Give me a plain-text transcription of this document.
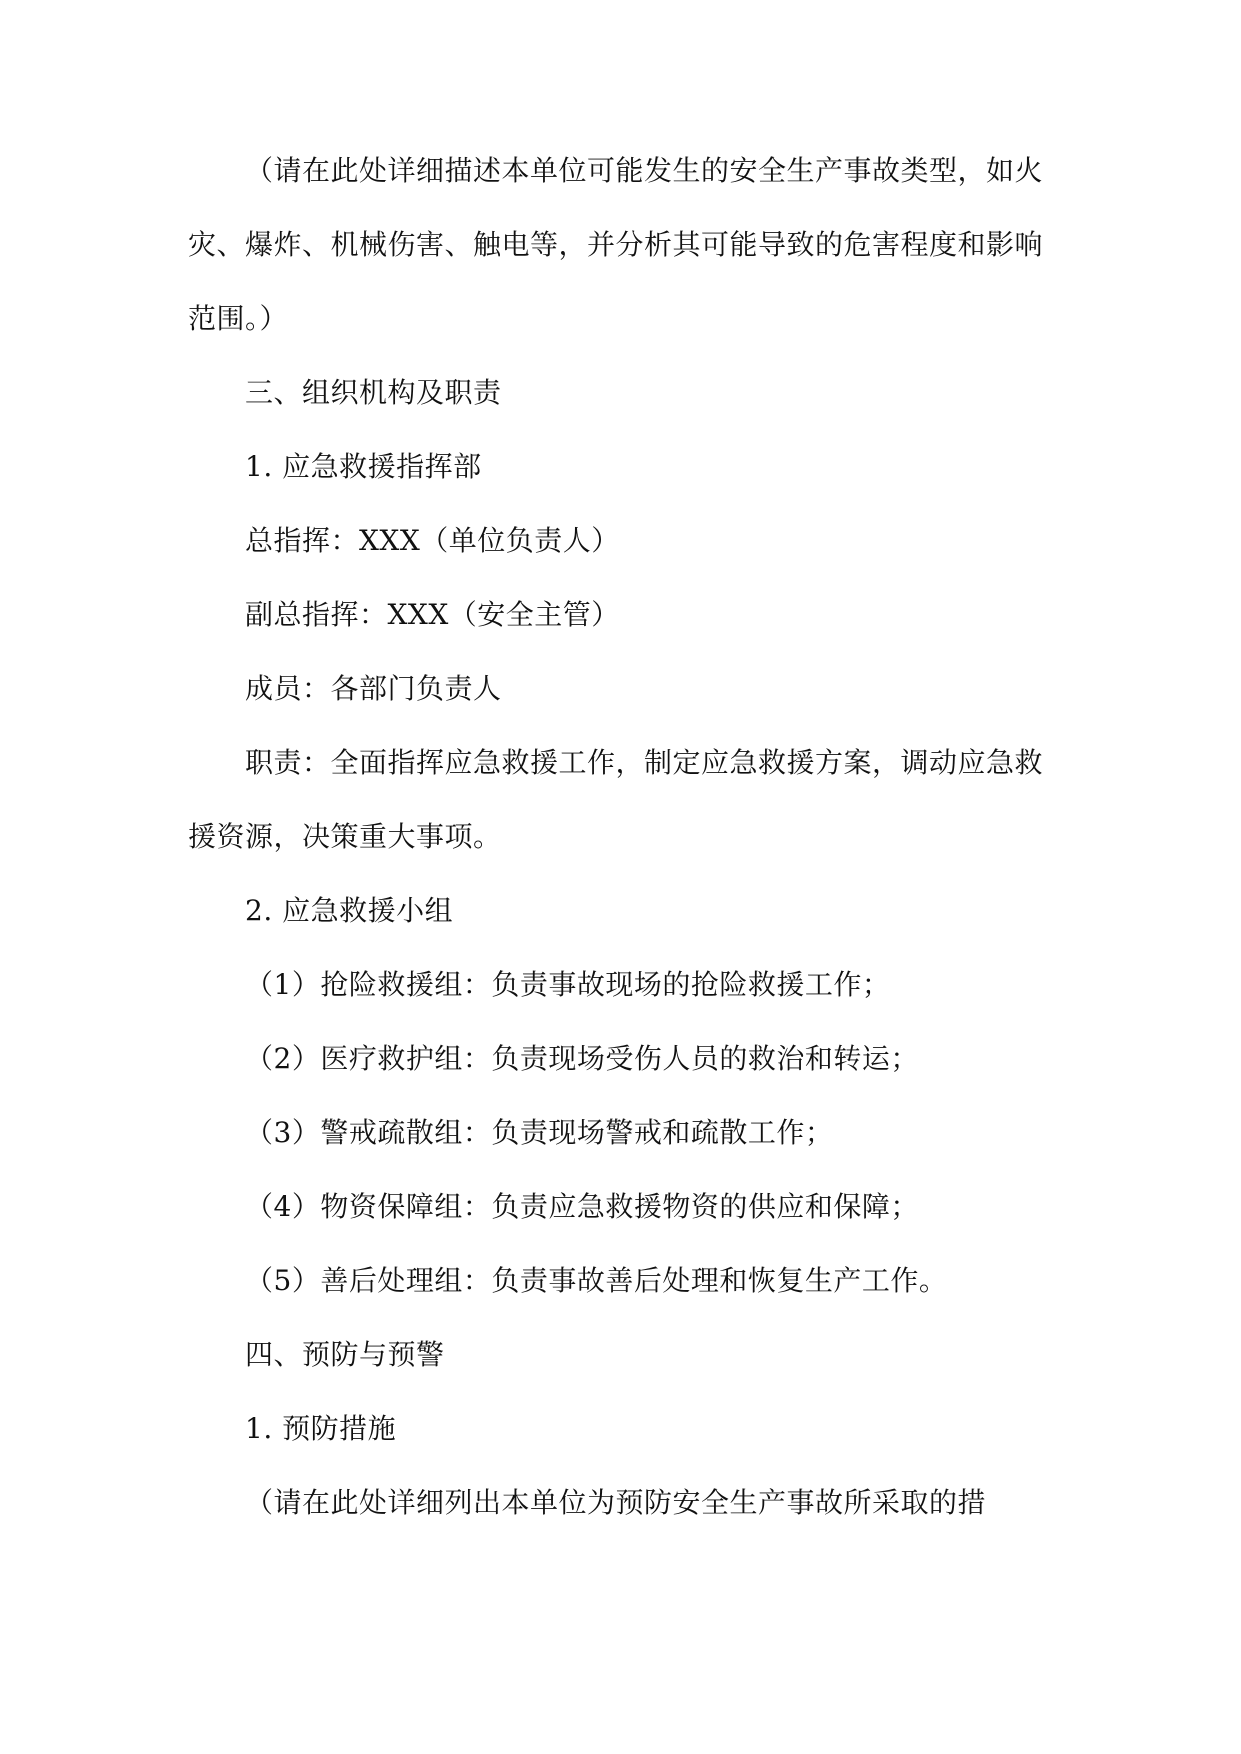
（请在此处详细描述本单位可能发生的安全生产事故类型，如火
灾、爆炸、机械伤害、触电等，并分析其可能导致的危害程度和影响
范围。）
三、组织机构及职责
1. 应急救援指挥部
总指挥：XXX（单位负责人）
副总指挥：XXX（安全主管）
成员：各部门负责人
职责：全面指挥应急救援工作，制定应急救援方案，调动应急救
援资源，决策重大事项。
2. 应急救援小组
（1）抢险救援组：负责事故现场的抢险救援工作；
（2）医疗救护组：负责现场受伤人员的救治和转运；
（3）警戒疏散组：负责现场警戒和疏散工作；
（4）物资保障组：负责应急救援物资的供应和保障；
（5）善后处理组：负责事故善后处理和恢复生产工作。
四、预防与预警
1. 预防措施
（请在此处详细列出本单位为预防安全生产事故所采取的措
